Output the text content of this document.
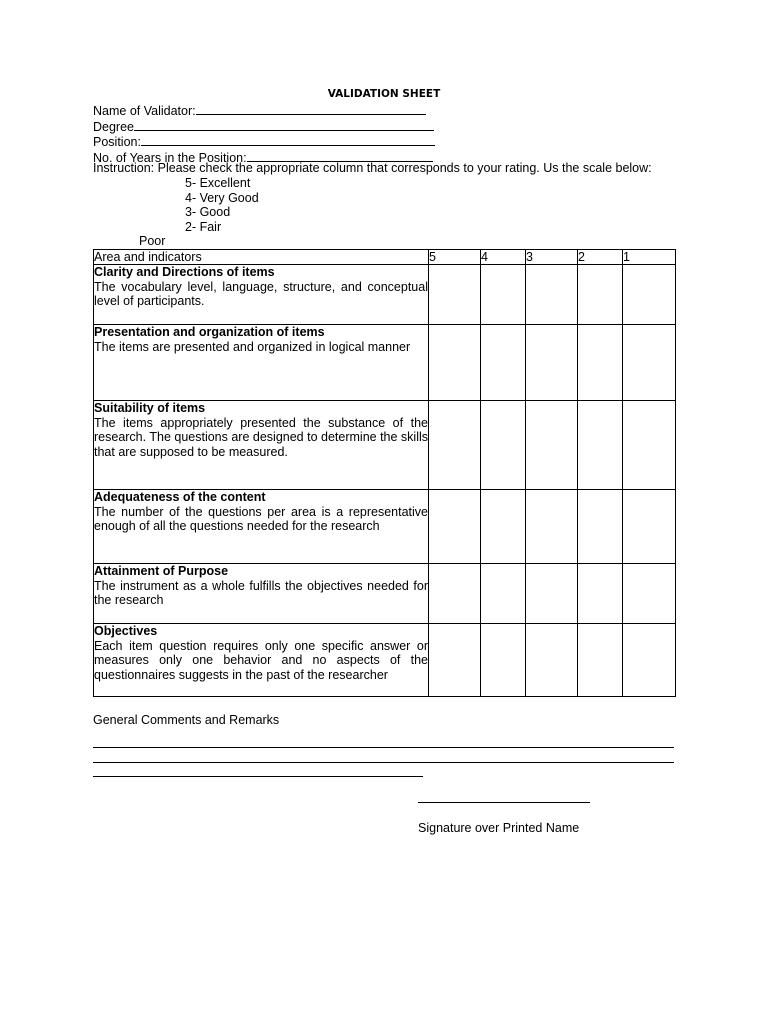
VALIDATION SHEET
Name of Validator:
Degree
Position:
No. of Years in the Position:
Instruction: Please check the appropriate column that corresponds to your rating. Us the scale below:
5- Excellent
4- Very Good
3- Good
2- Fair
Poor
Area and indicators	5	4	3	2	1

Clarity and Directions of items
The vocabulary level, language, structure, and conceptual level of participants.					

Presentation and organization of items
The items are presented and organized in logical manner					

Suitability of items
The items appropriately presented the substance of the research. The questions are designed to determine the skills that are supposed to be measured.					

Adequateness of the content
The number of the questions per area is a representative enough of all the questions needed for the research					

Attainment of Purpose
The instrument as a whole fulfills the objectives needed for the research					

Objectives
Each item question requires only one specific answer or measures only one behavior and no aspects of the questionnaires suggests in the past of the researcher					

General Comments and Remarks
Signature over Printed Name
